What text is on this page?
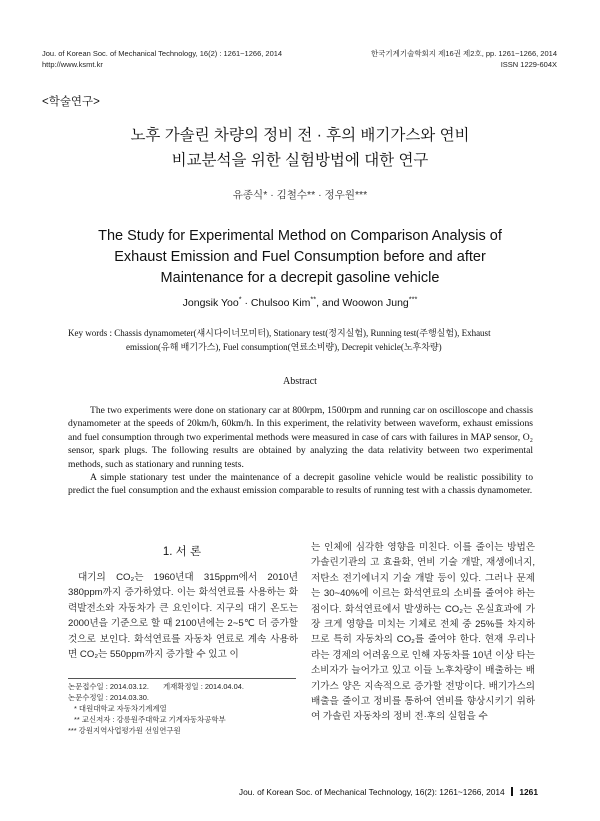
Jou. of Korean Soc. of Mechanical Technology, 16(2) : 1261~1266, 2014
http://www.ksmt.kr
한국기계기술학회지 제16권 제2호, pp. 1261~1266, 2014
ISSN 1229-604X
<학술연구>
노후 가솔린 차량의 정비 전 · 후의 배기가스와 연비
비교분석을 위한 실험방법에 대한 연구
유종식* · 김철수** · 정우원***
The Study for Experimental Method on Comparison Analysis of
Exhaust Emission and Fuel Consumption before and after
Maintenance for a decrepit gasoline vehicle
Jongsik Yoo* · Chulsoo Kim**, and Woowon Jung***
Key words : Chassis dynamometer(섀시다이너모미터), Stationary test(정지실험), Running test(주행실험), Exhaust
emission(유해 배기가스), Fuel consumption(연료소비량), Decrepit vehicle(노후차량)
Abstract

The two experiments were done on stationary car at 800rpm, 1500rpm and running car on oscilloscope and chassis dynamometer at the speeds of 20km/h, 60km/h. In this experiment, the relativity between waveform, exhaust emissions and fuel consumption through two experimental methods were measured in case of cars with failures in MAP sensor, O₂ sensor, spark plugs. The following results are obtained by analyzing the data relativity between two experimental methods, such as stationary and running tests.

A simple stationary test under the maintenance of a decrepit gasoline vehicle would be realistic possibility to predict the fuel consumption and the exhaust emission comparable to results of running test with a chassis dynamometer.

1. 서 론

대기의 CO₂는 1960년대 315ppm에서 2010년 380ppm까지 증가하였다. 이는 화석연료를 사용하는 화력발전소와 자동차가 큰 요인이다. 지구의 대기 온도는 2000년을 기준으로 할 때 2100년에는 2~5℃ 더 증가할 것으로 보인다. 화석연료를 자동차 연료로 계속 사용하면 CO₂는 550ppm까지 증가할 수 있고 이

는 인체에 심각한 영향을 미친다. 이를 줄이는 방법은 가솔린기관의 고 효율화, 연비 기술 개발, 재생에너지, 저탄소 전기에너지 기술 개발 등이 있다. 그러나 문제는 30~40%에 이르는 화석연료의 소비를 줄여야 하는 점이다. 화석연료에서 발생하는 CO₂는 온실효과에 가장 크게 영향을 미치는 기체로 전체 중 25%를 차지하므로 특히 자동차의 CO₂를 줄여야 한다. 현재 우리나라는 경제의 어려움으로 인해 자동차를 10년 이상 타는 소비자가 늘어가고 있고 이들 노후차량이 배출하는 배기가스 양은 지속적으로 증가할 전망이다. 배기가스의 배출을 줄이고 정비를 통하여 연비를 향상시키기 위하여 가솔린 자동차의 정비 전·후의 실험을 수

논문접수일 : 2014.03.12. 게재확정일 : 2014.04.04.
논문수정일 : 2014.03.30.
* 대원대학교 자동차기계계열
** 교신저자 : 강릉원주대학교 기계자동차공학부
*** 강원지역사업평가원 선임연구원
Jou. of Korean Soc. of Mechanical Technology, 16(2): 1261~1266, 2014 1261
